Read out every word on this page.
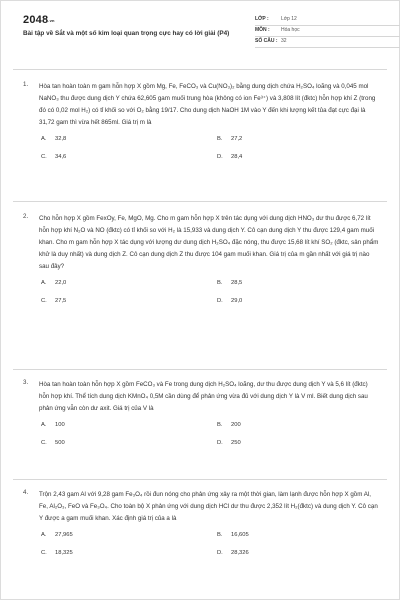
$2048^{.vn}$
Bài tập về Sắt và một số kim loại quan trọng cực hay có lời giải (P4)
LỚP :	Lớp 12
MÔN :	Hóa học
SỐ CÂU : 32
1. Hòa tan hoàn toàn m gam hỗn hợp X gồm Mg, Fe, FeCO₃ và Cu(NO₃)₂ bằng dung dịch chứa H₂SO₄ loãng và 0,045 mol NaNO₃ thu được dung dịch Y chứa 62,605 gam muối trung hòa (không có ion Fe³⁺) và 3,808 lít (đktc) hỗn hợp khí Z (trong đó có 0,02 mol H₂) có tỉ khối so với O₂ bằng 19/17. Cho dung dịch NaOH 1M vào Y đến khi lượng kết tủa đạt cực đại là 31,72 gam thì vừa hết 865ml. Giá trị m là
A. 32,8	B. 27,2
C. 34,6	D. 28,4
2. Cho hỗn hợp X gồm FexOy, Fe, MgO, Mg. Cho m gam hỗn hợp X trên tác dụng với dung dịch HNO₃ dư thu được 6,72 lít hỗn hợp khí N₂O và NO (đktc) có tỉ khối so với H₂ là 15,933 và dung dịch Y. Cô cạn dung dịch Y thu được 129,4 gam muối khan. Cho m gam hỗn hợp X tác dụng với lượng dư dung dịch H₂SO₄ đặc nóng, thu được 15,68 lít khí SO₂ (đktc, sản phẩm khử là duy nhất) và dung dịch Z. Cô cạn dung dịch Z thu được 104 gam muối khan. Giá trị của m gần nhất với giá trị nào sau đây?
A. 22,0	B. 28,5
C. 27,5	D. 29,0
3. Hòa tan hoàn toàn hỗn hợp X gồm FeCO₃ và Fe trong dung dịch H₂SO₄ loãng, dư thu được dung dịch Y và 5,6 lít (đktc) hỗn hợp khí. Thể tích dung dịch KMnO₄ 0,5M cần dùng để phản ứng vừa đủ với dung dịch Y là V ml. Biết dung dịch sau phản ứng vẫn còn dư axit. Giá trị của V là
A. 100	B. 200
C. 500	D. 250
4. Trộn 2,43 gam Al với 9,28 gam Fe₃O₄ rồi đun nóng cho phản ứng xảy ra một thời gian, làm lạnh được hỗn hợp X gồm Al, Fe, Al₂O₃, FeO và Fe₃O₄. Cho toàn bộ X phản ứng với dung dịch HCl dư thu được 2,352 lít H₂(đktc) và dung dịch Y. Cô cạn Y được a gam muối khan. Xác định giá trị của a là
A. 27,965	B. 16,605
C. 18,325	D. 28,326
